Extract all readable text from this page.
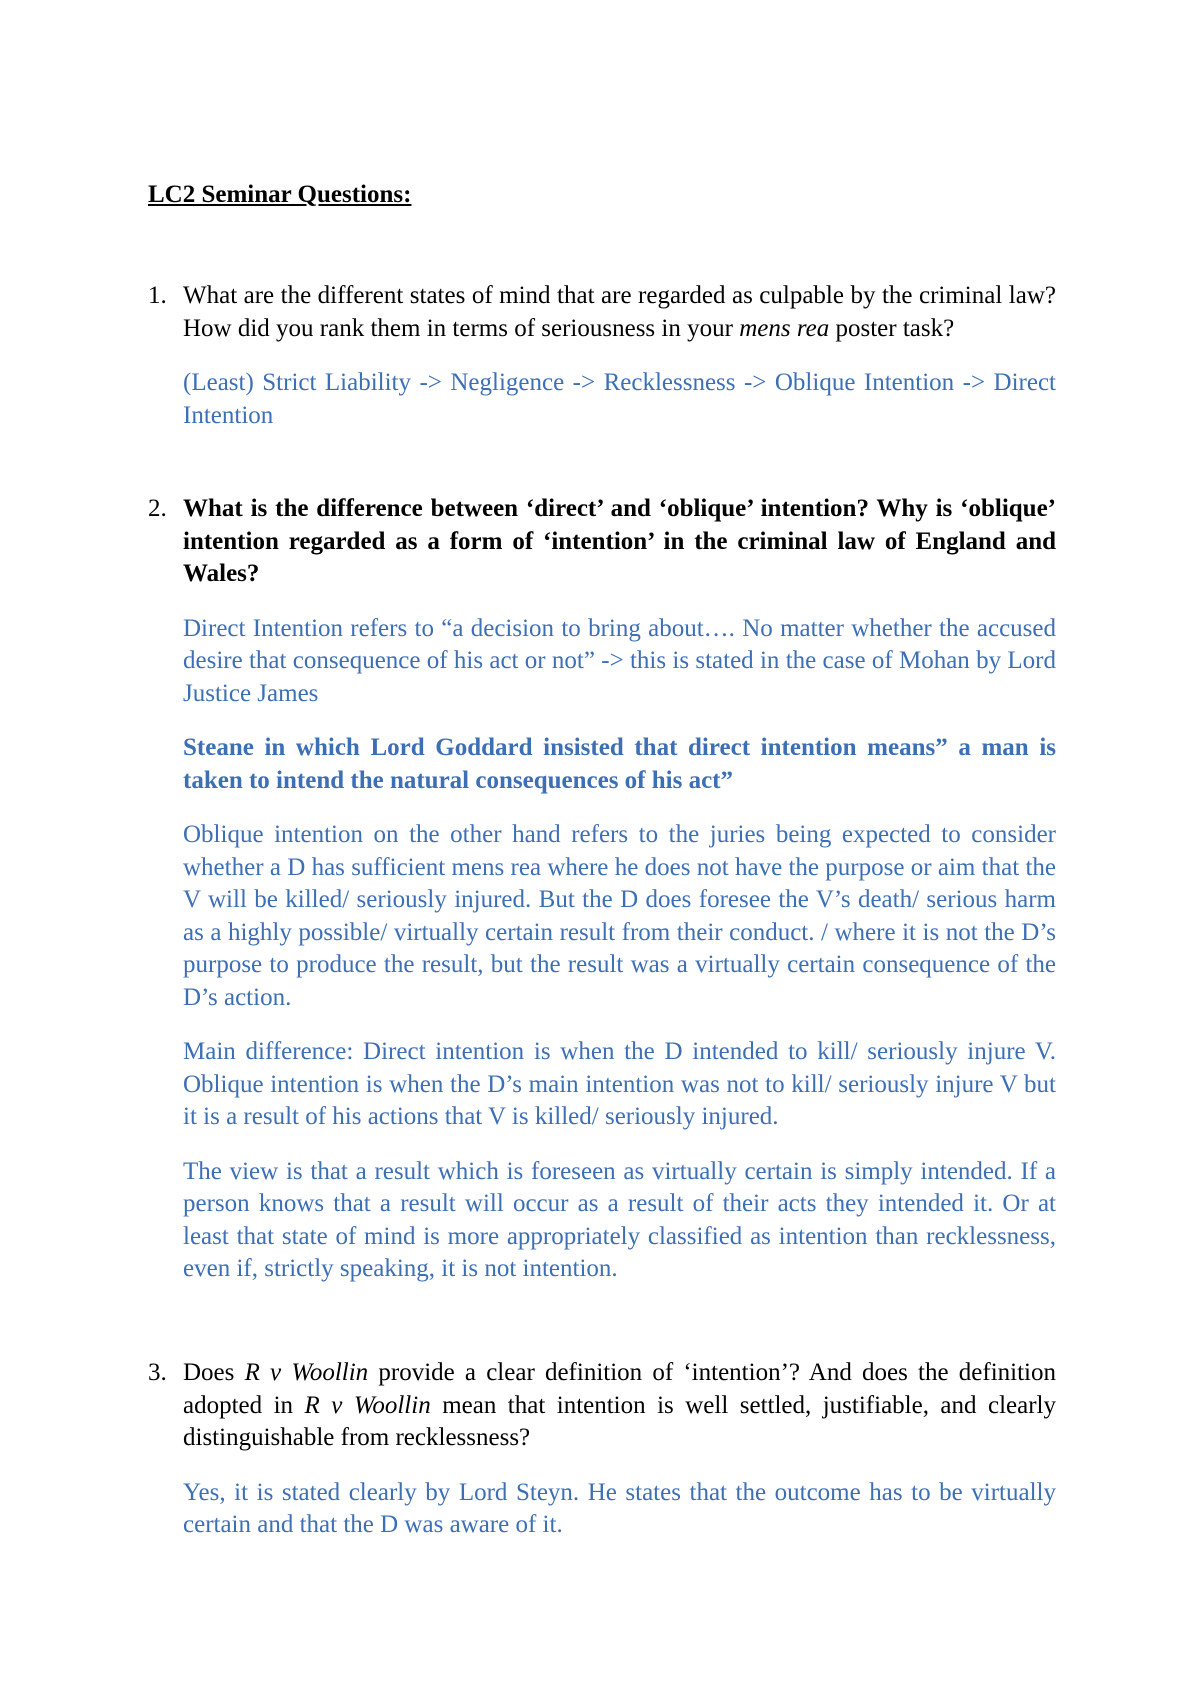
LC2 Seminar Questions:
1. What are the different states of mind that are regarded as culpable by the criminal law? How did you rank them in terms of seriousness in your mens rea poster task?

(Least) Strict Liability -> Negligence -> Recklessness -> Oblique Intention -> Direct Intention

2. What is the difference between ‘direct’ and ‘oblique’ intention? Why is ‘oblique’ intention regarded as a form of ‘intention’ in the criminal law of England and Wales?

Direct Intention refers to “a decision to bring about…. No matter whether the accused desire that consequence of his act or not” -> this is stated in the case of Mohan by Lord Justice James

Steane in which Lord Goddard insisted that direct intention means” a man is taken to intend the natural consequences of his act”

Oblique intention on the other hand refers to the juries being expected to consider whether a D has sufficient mens rea where he does not have the purpose or aim that the V will be killed/ seriously injured. But the D does foresee the V’s death/ serious harm as a highly possible/ virtually certain result from their conduct. / where it is not the D’s purpose to produce the result, but the result was a virtually certain consequence of the D’s action.

Main difference: Direct intention is when the D intended to kill/ seriously injure V. Oblique intention is when the D’s main intention was not to kill/ seriously injure V but it is a result of his actions that V is killed/ seriously injured.

The view is that a result which is foreseen as virtually certain is simply intended. If a person knows that a result will occur as a result of their acts they intended it. Or at least that state of mind is more appropriately classified as intention than recklessness, even if, strictly speaking, it is not intention.

3. Does R v Woollin provide a clear definition of ‘intention’? And does the definition adopted in R v Woollin mean that intention is well settled, justifiable, and clearly distinguishable from recklessness?

Yes, it is stated clearly by Lord Steyn. He states that the outcome has to be virtually certain and that the D was aware of it.
